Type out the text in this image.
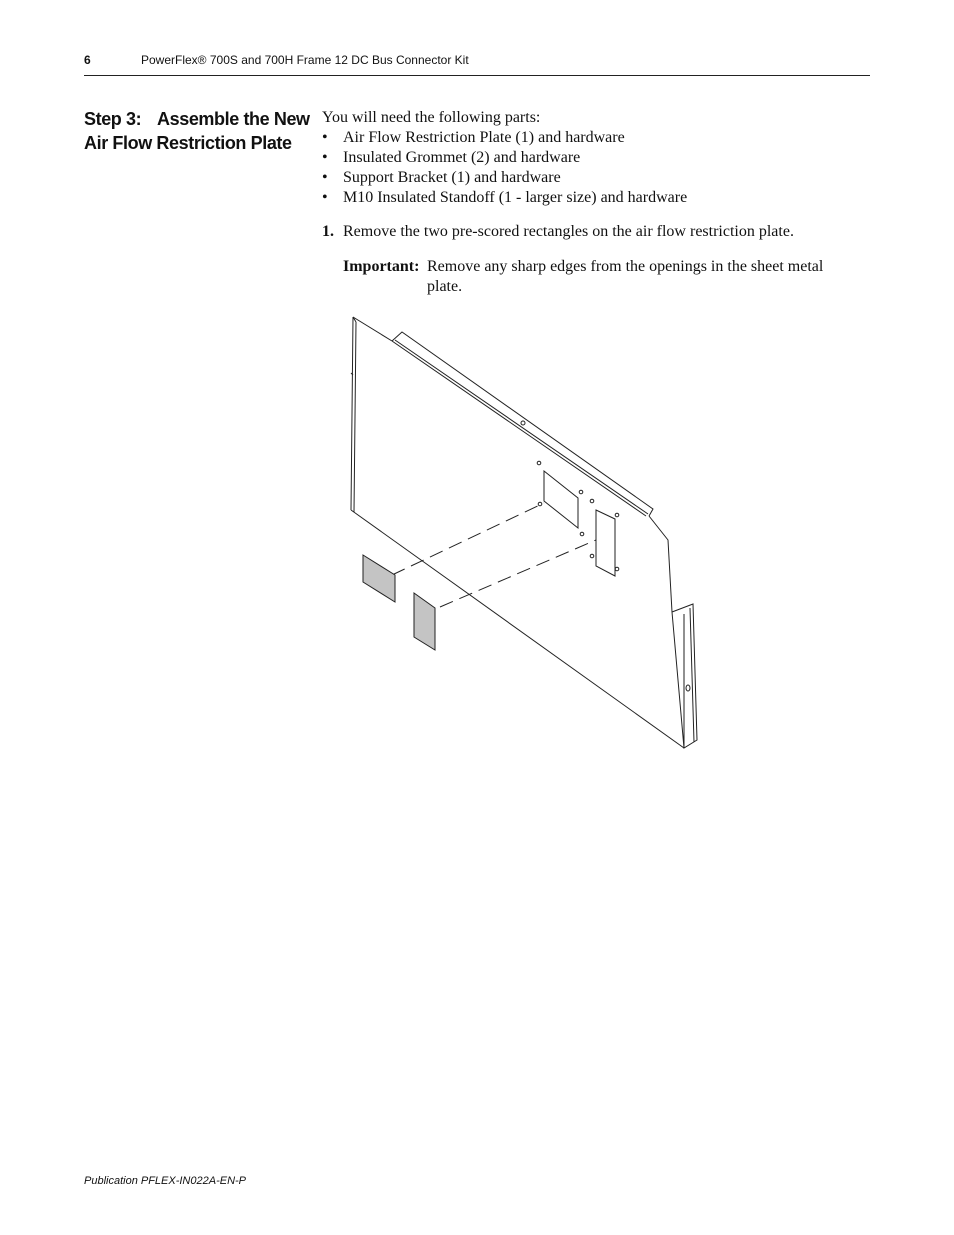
6	PowerFlex® 700S and 700H Frame 12 DC Bus Connector Kit
Step 3: Assemble the New
Air Flow Restriction Plate

You will need the following parts:

• Air Flow Restriction Plate (1) and hardware
• Insulated Grommet (2) and hardware
• Support Bracket (1) and hardware
• M10 Insulated Standoff (1 - larger size) and hardware
1. Remove the two pre-scored rectangles on the air flow restriction plate.
Important: Remove any sharp edges from the openings in the sheet metal plate.
Publication PFLEX-IN022A-EN-P
